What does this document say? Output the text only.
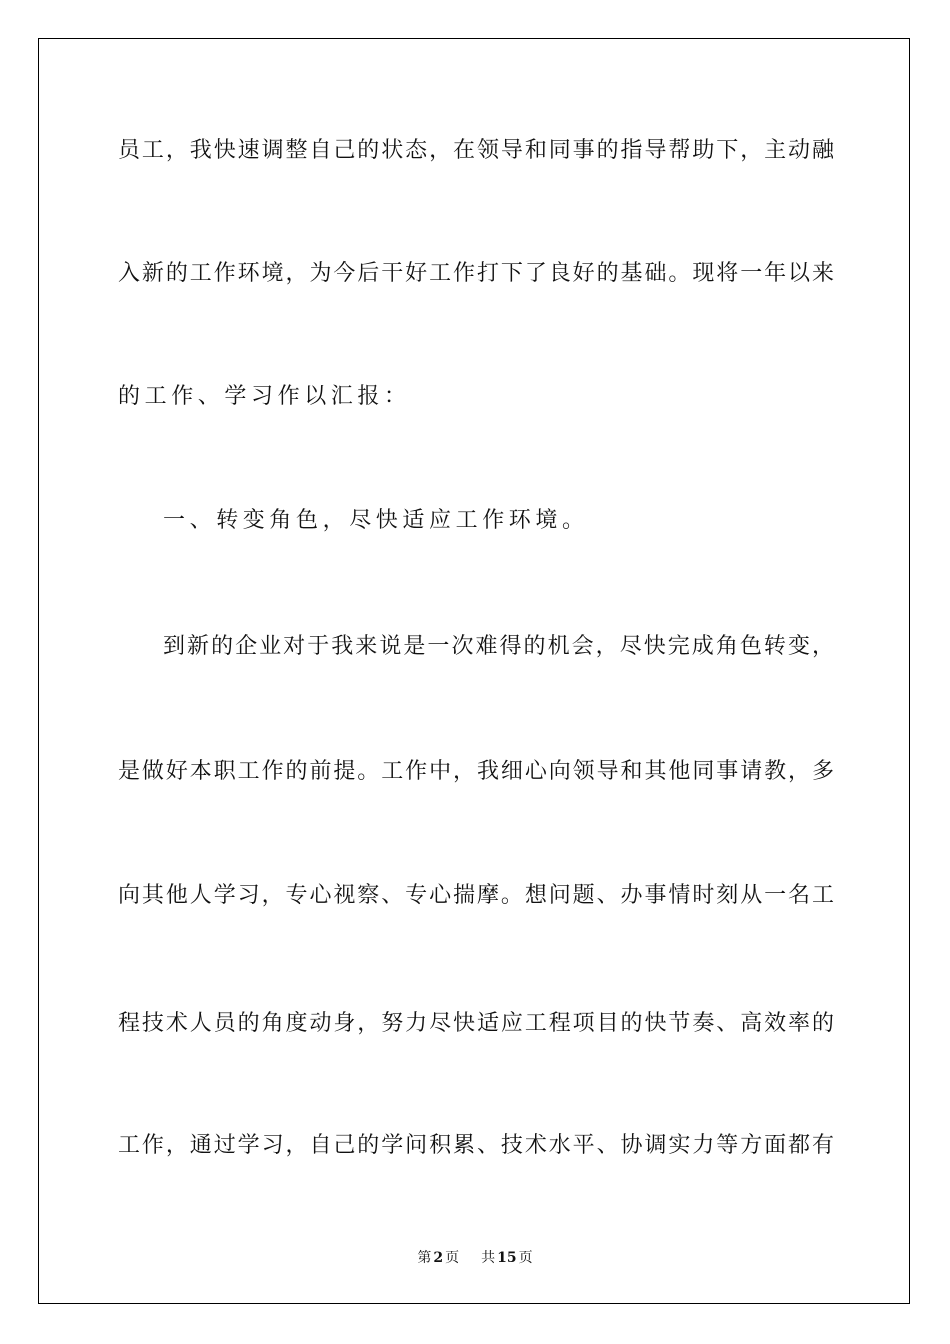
员工，我快速调整自己的状态，在领导和同事的指导帮助下，主动融
入新的工作环境，为今后干好工作打下了良好的基础。现将一年以来
的工作、学习作以汇报：
一、转变角色，尽快适应工作环境。
到新的企业对于我来说是一次难得的机会，尽快完成角色转变，
是做好本职工作的前提。工作中，我细心向领导和其他同事请教，多
向其他人学习，专心视察、专心揣摩。想问题、办事情时刻从一名工
程技术人员的角度动身，努力尽快适应工程项目的快节奏、高效率的
工作，通过学习，自己的学问积累、技术水平、协调实力等方面都有
第 2 页 共 15 页
